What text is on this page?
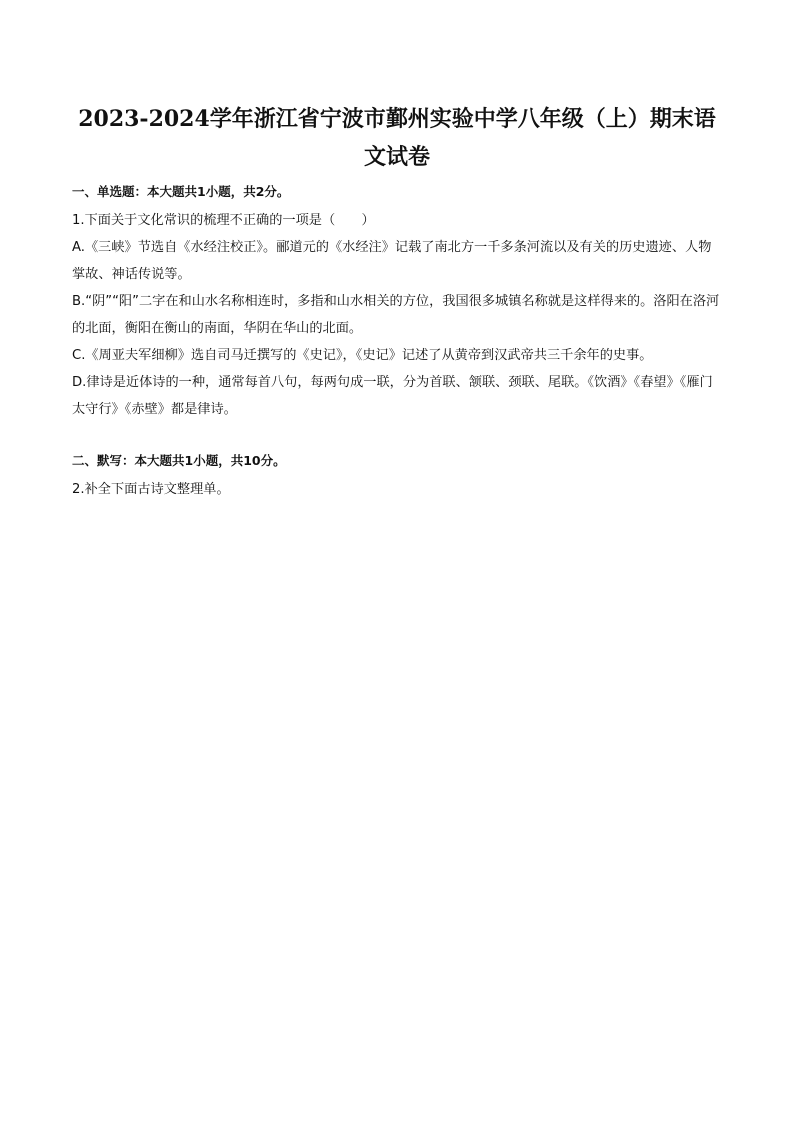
2023-2024学年浙江省宁波市鄞州实验中学八年级（上）期末语文试卷
一、单选题：本大题共1小题，共2分。

1.下面关于文化常识的梳理不正确的一项是（　　）

A.《三峡》节选自《水经注校正》。郦道元的《水经注》记载了南北方一千多条河流以及有关的历史遗迹、人物掌故、神话传说等。

B.“阴”“阳”二字在和山水名称相连时，多指和山水相关的方位，我国很多城镇名称就是这样得来的。洛阳在洛河的北面，衡阳在衡山的南面，华阴在华山的北面。

C.《周亚夫军细柳》选自司马迁撰写的《史记》，《史记》记述了从黄帝到汉武帝共三千余年的史事。

D.律诗是近体诗的一种，通常每首八句，每两句成一联，分为首联、颔联、颈联、尾联。《饮酒》《春望》《雁门太守行》《赤壁》都是律诗。

二、默写：本大题共1小题，共10分。

2.补全下面古诗文整理单。
